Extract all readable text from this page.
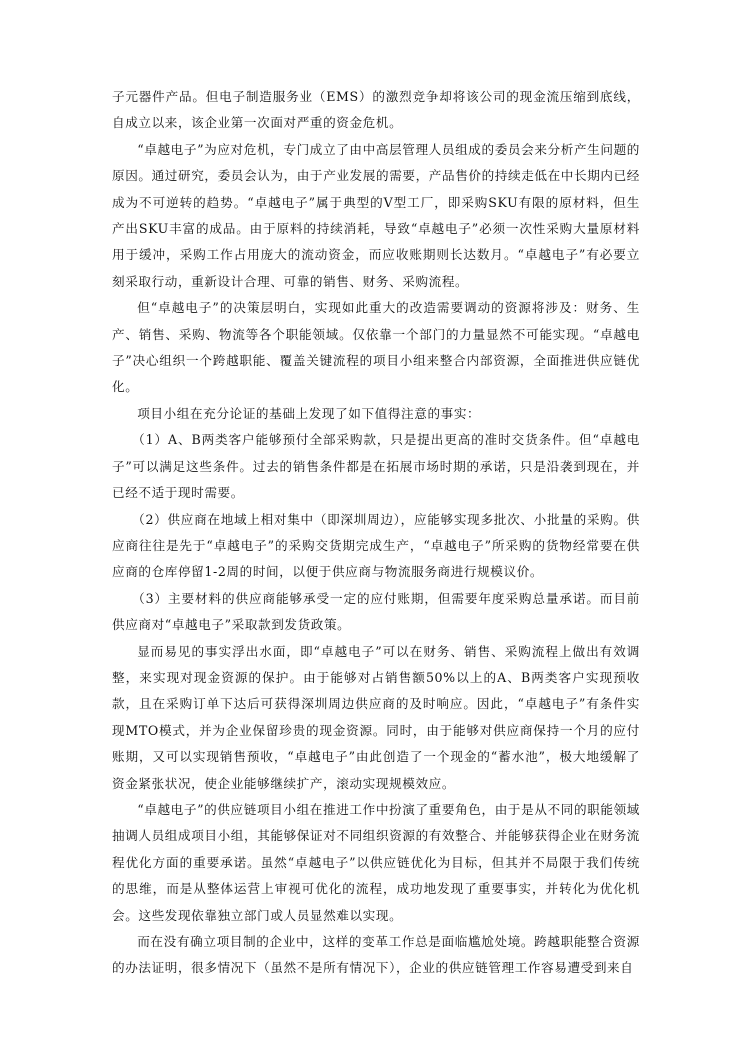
子元器件产品。但电子制造服务业（EMS）的激烈竞争却将该公司的现金流压缩到底线，自成立以来，该企业第一次面对严重的资金危机。

“卓越电子”为应对危机，专门成立了由中高层管理人员组成的委员会来分析产生问题的原因。通过研究，委员会认为，由于产业发展的需要，产品售价的持续走低在中长期内已经成为不可逆转的趋势。“卓越电子”属于典型的V型工厂，即采购SKU有限的原材料，但生产出SKU丰富的成品。由于原料的持续消耗，导致“卓越电子”必须一次性采购大量原材料用于缓冲，采购工作占用庞大的流动资金，而应收账期则长达数月。“卓越电子”有必要立刻采取行动，重新设计合理、可靠的销售、财务、采购流程。

但“卓越电子”的决策层明白，实现如此重大的改造需要调动的资源将涉及：财务、生产、销售、采购、物流等各个职能领域。仅依靠一个部门的力量显然不可能实现。“卓越电子”决心组织一个跨越职能、覆盖关键流程的项目小组来整合内部资源，全面推进供应链优化。

项目小组在充分论证的基础上发现了如下值得注意的事实：

（1）A、B两类客户能够预付全部采购款，只是提出更高的准时交货条件。但“卓越电子”可以满足这些条件。过去的销售条件都是在拓展市场时期的承诺，只是沿袭到现在，并已经不适于现时需要。

（2）供应商在地域上相对集中（即深圳周边），应能够实现多批次、小批量的采购。供应商往往是先于“卓越电子”的采购交货期完成生产，“卓越电子”所采购的货物经常要在供应商的仓库停留1-2周的时间，以便于供应商与物流服务商进行规模议价。

（3）主要材料的供应商能够承受一定的应付账期，但需要年度采购总量承诺。而目前供应商对“卓越电子”采取款到发货政策。

显而易见的事实浮出水面，即“卓越电子”可以在财务、销售、采购流程上做出有效调整，来实现对现金资源的保护。由于能够对占销售额50%以上的A、B两类客户实现预收款，且在采购订单下达后可获得深圳周边供应商的及时响应。因此，“卓越电子”有条件实现MTO模式，并为企业保留珍贵的现金资源。同时，由于能够对供应商保持一个月的应付账期，又可以实现销售预收，“卓越电子”由此创造了一个现金的“蓄水池”，极大地缓解了资金紧张状况，使企业能够继续扩产，滚动实现规模效应。

“卓越电子”的供应链项目小组在推进工作中扮演了重要角色，由于是从不同的职能领域抽调人员组成项目小组，其能够保证对不同组织资源的有效整合、并能够获得企业在财务流程优化方面的重要承诺。虽然“卓越电子”以供应链优化为目标，但其并不局限于我们传统的思维，而是从整体运营上审视可优化的流程，成功地发现了重要事实，并转化为优化机会。这些发现依靠独立部门或人员显然难以实现。

而在没有确立项目制的企业中，这样的变革工作总是面临尴尬处境。跨越职能整合资源的办法证明，很多情况下（虽然不是所有情况下），企业的供应链管理工作容易遭受到来自
